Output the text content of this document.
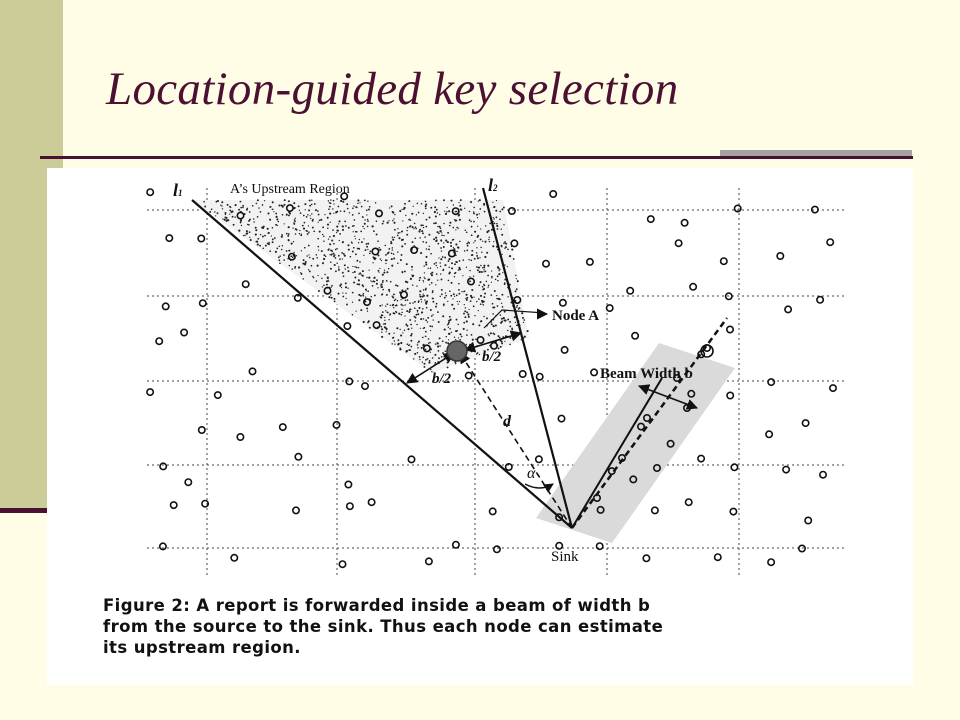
Location-guided key selection
l1	l2
A’s Upstream Region
Node A
b/2
b/2
Beam Width b
d
α
Sink

Figure 2: A report is forwarded inside a beam of width b
from the source to the sink. Thus each node can estimate
its upstream region.
